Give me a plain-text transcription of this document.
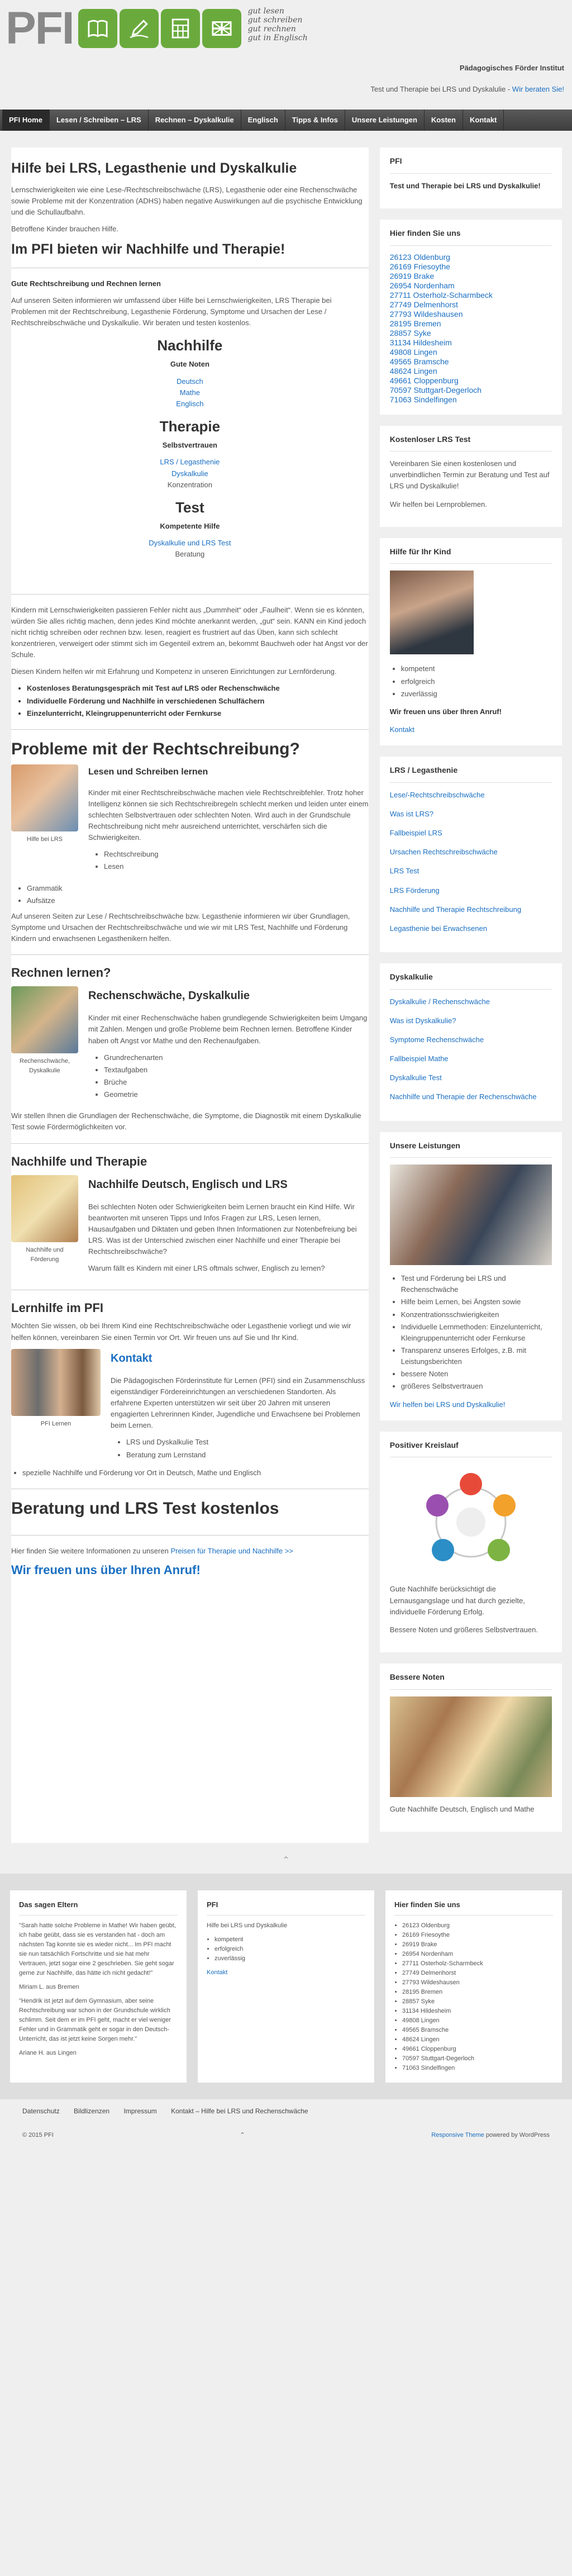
PFI	gut lesen
gut schreiben
gut rechnen
gut in Englisch
Pädagogisches Förder Institut
Test und Therapie bei LRS und Dyskalulie - Wir beraten Sie!
PFI Home	Lesen / Schreiben – LRS	Rechnen – Dyskalkulie	Englisch	Tipps & Infos	Unsere Leistungen	Kosten	Kontakt
Hilfe bei LRS, Legasthenie und Dyskalkulie

Lernschwierigkeiten wie eine Lese-/Rechtschreibschwäche (LRS), Legasthenie oder eine Rechenschwäche sowie Probleme mit der Konzentration (ADHS) haben negative Auswirkungen auf die psychische Entwicklung und die Schullaufbahn.

Betroffene Kinder brauchen Hilfe.

Im PFI bieten wir Nachhilfe und Therapie!

Gute Rechtschreibung und Rechnen lernen

Auf unseren Seiten informieren wir umfassend über Hilfe bei Lernschwierigkeiten, LRS Therapie bei Problemen mit der Rechtschreibung, Legasthenie Förderung, Symptome und Ursachen der Lese / Rechtschreibschwäche und Dyskalkulie. Wir beraten und testen kostenlos.

Nachhilfe
Gute Noten
Deutsch
Mathe
Englisch
Therapie
Selbstvertrauen
LRS / Legasthenie
Dyskalkulie
Konzentration
Test
Kompetente Hilfe
Dyskalkulie und LRS Test
Beratung

Kindern mit Lernschwierigkeiten passieren Fehler nicht aus „Dummheit“ oder „Faulheit“. Wenn sie es könnten, würden Sie alles richtig machen, denn jedes Kind möchte anerkannt werden, „gut“ sein. KANN ein Kind jedoch nicht richtig schreiben oder rechnen bzw. lesen, reagiert es frustriert auf das Üben, kann sich schlecht konzentrieren, verweigert oder stimmt sich im Gegenteil extrem an, bekommt Bauchweh oder hat Angst vor der Schule.

Diesen Kindern helfen wir mit Erfahrung und Kompetenz in unseren Einrichtungen zur Lernförderung.

• Kostenloses Beratungsgespräch mit Test auf LRS oder Rechenschwäche
• Individuelle Förderung und Nachhilfe in verschiedenen Schulfächern
• Einzelunterricht, Kleingruppenunterricht oder Fernkurse
Probleme mit der Rechtschreibung?
Hilfe bei LRS
Lesen und Schreiben lernen

Kinder mit einer Rechtschreibschwäche machen viele Rechtschreibfehler. Trotz hoher Intelligenz können sie sich Rechtschreibregeln schlecht merken und leiden unter einem schlechten Selbstvertrauen oder schlechten Noten. Wird auch in der Grundschule Rechtschreibung nicht mehr ausreichend unterrichtet, verschärfen sich die Schwierigkeiten.

• Rechtschreibung
• Lesen
• Grammatik
• Aufsätze

Auf unseren Seiten zur Lese / Rechtschreibschwäche bzw. Legasthenie informieren wir über Grundlagen, Symptome und Ursachen der Rechtschreibschwäche und wie wir mit LRS Test, Nachhilfe und Förderung Kindern und erwachsenen Legasthenikern helfen.

Rechnen lernen?
Rechenschwäche, Dyskalkulie
Rechenschwäche, Dyskalkulie

Kinder mit einer Rechenschwäche haben grundlegende Schwierigkeiten beim Umgang mit Zahlen. Mengen und große Probleme beim Rechnen lernen. Betroffene Kinder haben oft Angst vor Mathe und den Rechenaufgaben.

• Grundrechenarten
• Textaufgaben
• Brüche
• Geometrie

Wir stellen Ihnen die Grundlagen der Rechenschwäche, die Symptome, die Diagnostik mit einem Dyskalkulie Test sowie Fördermöglichkeiten vor.

Nachhilfe und Therapie
Nachhilfe und Förderung
Nachhilfe Deutsch, Englisch und LRS

Bei schlechten Noten oder Schwierigkeiten beim Lernen braucht ein Kind Hilfe. Wir beantworten mit unseren Tipps und Infos Fragen zur LRS, Lesen lernen, Hausaufgaben und Diktaten und geben Ihnen Informationen zur Notenbefreiung bei LRS. Was ist der Unterschied zwischen einer Nachhilfe und einer Therapie bei Rechtschreibschwäche?

Warum fällt es Kindern mit einer LRS oftmals schwer, Englisch zu lernen?

Lernhilfe im PFI

Möchten Sie wissen, ob bei Ihrem Kind eine Rechtschreibschwäche oder Legasthenie vorliegt und wie wir helfen können, vereinbaren Sie einen Termin vor Ort. Wir freuen uns auf Sie und Ihr Kind.

PFI Lernen
Kontakt

Die Pädagogischen Förderinstitute für Lernen (PFI) sind ein Zusammenschluss eigenständiger Fördereinrichtungen an verschiedenen Standorten. Als erfahrene Experten unterstützen wir seit über 20 Jahren mit unseren engagierten Lehrerinnen Kinder, Jugendliche und Erwachsene bei Problemen beim Lernen.

• LRS und Dyskalkulie Test
• Beratung zum Lernstand
• spezielle Nachhilfe und Förderung vor Ort in Deutsch, Mathe und Englisch
Beratung und LRS Test kostenlos

Hier finden Sie weitere Informationen zu unseren Preisen für Therapie und Nachhilfe >>

Wir freuen uns über Ihren Anruf!
PFI

Test und Therapie bei LRS und Dyskalkulie!

Hier finden Sie uns
26123 Oldenburg
26169 Friesoythe
26919 Brake
26954 Nordenham
27711 Osterholz-Scharmbeck
27749 Delmenhorst
27793 Wildeshausen
28195 Bremen
28857 Syke
31134 Hildesheim
49808 Lingen
49565 Bramsche
48624 Lingen
49661 Cloppenburg
70597 Stuttgart-Degerloch
71063 Sindelfingen
Kostenloser LRS Test

Vereinbaren Sie einen kostenlosen und unverbindlichen Termin zur Beratung und Test auf LRS und Dyskalkulie!

Wir helfen bei Lernproblemen.

Hilfe für Ihr Kind
• kompetent
• erfolgreich
• zuverlässig

Wir freuen uns über Ihren Anruf!

Kontakt
LRS / Legasthenie
Lese/-Rechtschreibschwäche
Was ist LRS?
Fallbeispiel LRS
Ursachen Rechtschreibschwäche
LRS Test
LRS Förderung
Nachhilfe und Therapie Rechtschreibung
Legasthenie bei Erwachsenen
Dyskalkulie
Dyskalkulie / Rechenschwäche
Was ist Dyskalkulie?
Symptome Rechenschwäche
Fallbeispiel Mathe
Dyskalkulie Test
Nachhilfe und Therapie der Rechenschwäche
Unsere Leistungen
• Test und Förderung bei LRS und Rechenschwäche
• Hilfe beim Lernen, bei Ängsten sowie
• Konzentrationsschwierigkeiten
• Individuelle Lernmethoden: Einzelunterricht, Kleingruppenunterricht oder Fernkurse
• Transparenz unseres Erfolges, z.B. mit Leistungsberichten
• bessere Noten
• größeres Selbstvertrauen
Wir helfen bei LRS und Dyskalkulie!
Positiver Kreislauf

Gute Nachhilfe berücksichtigt die Lernausgangslage und hat durch gezielte, individuelle Förderung Erfolg.

Bessere Noten und größeres Selbstvertrauen.

Bessere Noten

Gute Nachhilfe Deutsch, Englisch und Mathe

⌃
Das sagen Eltern

"Sarah hatte solche Probleme in Mathe! Wir haben geübt, ich habe geübt, dass sie es verstanden hat - doch am nächsten Tag konnte sie es wieder nicht... Im PFI macht sie nun tatsächlich Fortschritte und sie hat mehr Vertrauen, jetzt sogar eine 2 geschrieben. Sie geht sogar gerne zur Nachhilfe, das hätte ich nicht gedacht!"

Miriam L. aus Bremen

"Hendrik ist jetzt auf dem Gymnasium, aber seine Rechtschreibung war schon in der Grundschule wirklich schlimm. Seit dem er im PFI geht, macht er viel weniger Fehler und in Grammatik geht er sogar in den Deutsch-Unterricht, das ist jetzt keine Sorgen mehr."

Ariane H. aus Lingen

PFI

Hilfe bei LRS und Dyskalkulie

• kompetent
• erfolgreich
• zuverlässig
Kontakt
Hier finden Sie uns
• 26123 Oldenburg
• 26169 Friesoythe
• 26919 Brake
• 26954 Nordenham
• 27711 Osterholz-Scharmbeck
• 27749 Delmenhorst
• 27793 Wildeshausen
• 28195 Bremen
• 28857 Syke
• 31134 Hildesheim
• 49808 Lingen
• 49565 Bramsche
• 48624 Lingen
• 49661 Cloppenburg
• 70597 Stuttgart-Degerloch
• 71063 Sindelfingen
Datenschutz Bildlizenzen Impressum Kontakt – Hilfe bei LRS und Rechenschwäche
© 2015 PFI	⌃	Responsive Theme powered by WordPress
